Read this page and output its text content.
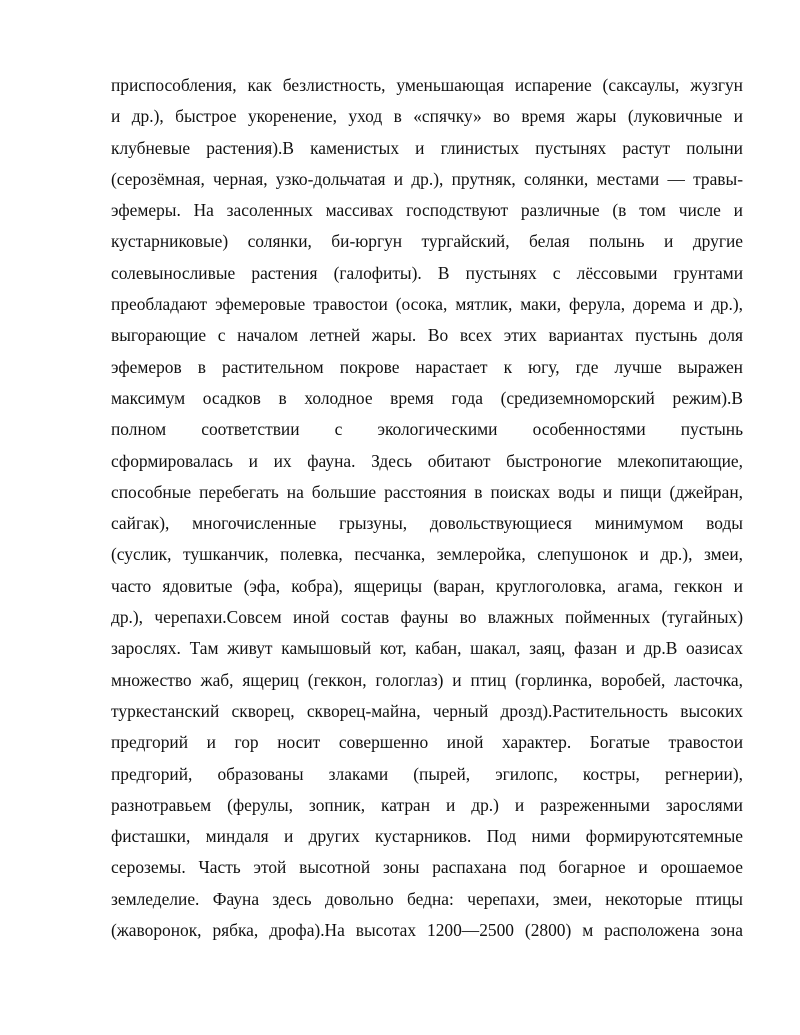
приспособления, как безлистность, уменьшающая испарение (саксаулы, жузгун
и др.), быстрое укоренение, уход в «спячку» во время жары (луковичные и
клубневые растения).В каменистых и глинистых пустынях растут полыни
(серозёмная, черная, узко-дольчатая и др.), прутняк, солянки, местами — травы-
эфемеры. На засоленных массивах господствуют различные (в том числе и
кустарниковые) солянки, би-юргун тургайский, белая полынь и другие
солевыносливые растения (галофиты). В пустынях с лёссовыми грунтами
преобладают эфемеровые травостои (осока, мятлик, маки, ферула, дорема и др.),
выгорающие с началом летней жары. Во всех этих вариантах пустынь доля
эфемеров в растительном покрове нарастает к югу, где лучше выражен
максимум осадков в холодное время года (средиземноморский режим).В
полном соответствии с экологическими особенностями пустынь
сформировалась и их фауна. Здесь обитают быстроногие млекопитающие,
способные перебегать на большие расстояния в поисках воды и пищи (джейран,
сайгак), многочисленные грызуны, довольствующиеся минимумом воды
(суслик, тушканчик, полевка, песчанка, землеройка, слепушонок и др.), змеи,
часто ядовитые (эфа, кобра), ящерицы (варан, круглоголовка, агама, геккон и
др.), черепахи.Совсем иной состав фауны во влажных пойменных (тугайных)
зарослях. Там живут камышовый кот, кабан, шакал, заяц, фазан и др.В оазисах
множество жаб, ящериц (геккон, гологлаз) и птиц (горлинка, воробей, ласточка,
туркестанский скворец, скворец-майна, черный дрозд).Растительность высоких
предгорий и гор носит совершенно иной характер. Богатые травостои
предгорий, образованы злаками (пырей, эгилопс, костры, регнерии),
разнотравьем (ферулы, зопник, катран и др.) и разреженными зарослями
фисташки, миндаля и других кустарников. Под ними формируютсятемные
сероземы. Часть этой высотной зоны распахана под богарное и орошаемое
земледелие. Фауна здесь довольно бедна: черепахи, змеи, некоторые птицы
(жаворонок, рябка, дрофа).На высотах 1200—2500 (2800) м расположена зона
